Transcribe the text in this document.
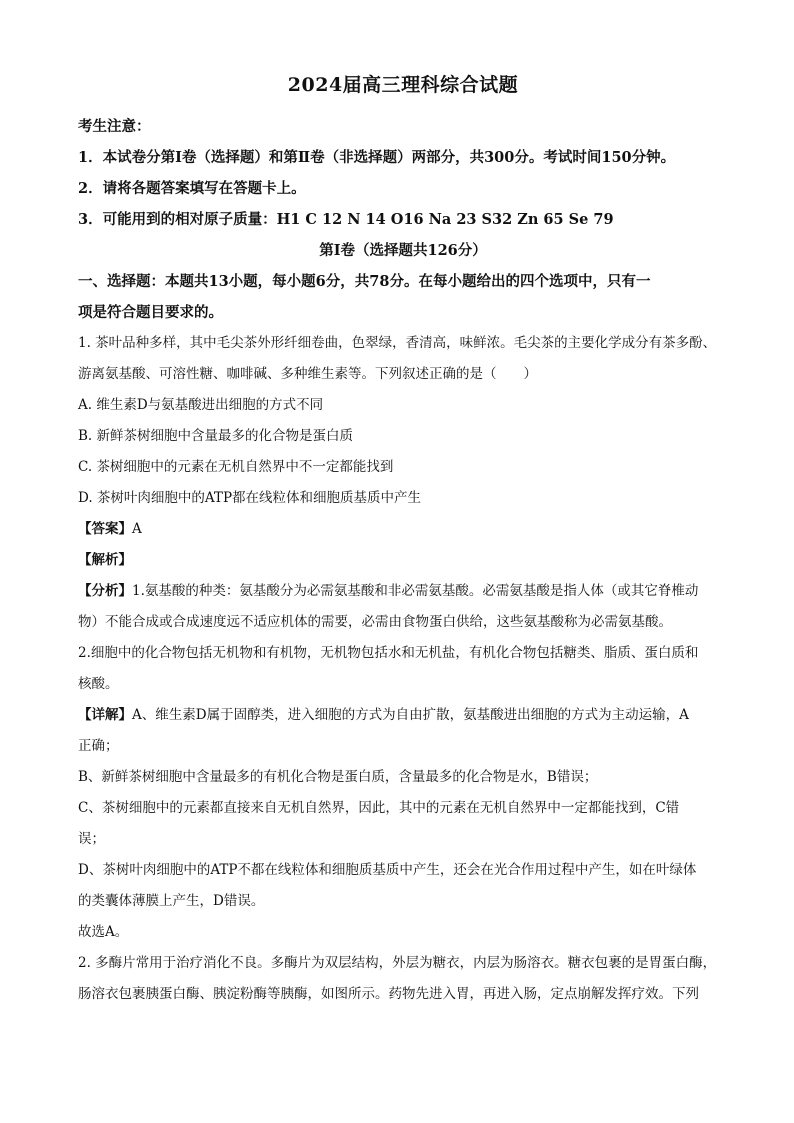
2024届高三理科综合试题

考生注意：

1．本试卷分第Ⅰ卷（选择题）和第Ⅱ卷（非选择题）两部分，共300分。考试时间150分钟。

2．请将各题答案填写在答题卡上。

3．可能用到的相对原子质量：H1 C 12 N 14 O16 Na 23 S32 Zn 65 Se 79

第Ⅰ卷（选择题共126分）

一、选择题：本题共13小题，每小题6分，共78分。在每小题给出的四个选项中，只有一

项是符合题目要求的。

1. 茶叶品种多样，其中毛尖茶外形纤细卷曲，色翠绿，香清高，味鲜浓。毛尖茶的主要化学成分有茶多酚、

游离氨基酸、可溶性糖、咖啡碱、多种维生素等。下列叙述正确的是（　　）

A. 维生素D与氨基酸进出细胞的方式不同

B. 新鲜茶树细胞中含量最多的化合物是蛋白质

C. 茶树细胞中的元素在无机自然界中不一定都能找到

D. 茶树叶肉细胞中的ATP都在线粒体和细胞质基质中产生

【答案】A

【解析】

【分析】1.氨基酸的种类：氨基酸分为必需氨基酸和非必需氨基酸。必需氨基酸是指人体（或其它脊椎动

物）不能合成或合成速度远不适应机体的需要，必需由食物蛋白供给，这些氨基酸称为必需氨基酸。

2.细胞中的化合物包括无机物和有机物，无机物包括水和无机盐，有机化合物包括糖类、脂质、蛋白质和

核酸。

【详解】A、维生素D属于固醇类，进入细胞的方式为自由扩散，氨基酸进出细胞的方式为主动运输，A

正确；

B、新鲜茶树细胞中含量最多的有机化合物是蛋白质，含量最多的化合物是水，B错误；

C、茶树细胞中的元素都直接来自无机自然界，因此，其中的元素在无机自然界中一定都能找到，C错

误；

D、茶树叶肉细胞中的ATP不都在线粒体和细胞质基质中产生，还会在光合作用过程中产生，如在叶绿体

的类囊体薄膜上产生，D错误。

故选A。

2. 多酶片常用于治疗消化不良。多酶片为双层结构，外层为糖衣，内层为肠溶衣。糖衣包裹的是胃蛋白酶，

肠溶衣包裹胰蛋白酶、胰淀粉酶等胰酶，如图所示。药物先进入胃，再进入肠，定点崩解发挥疗效。下列
